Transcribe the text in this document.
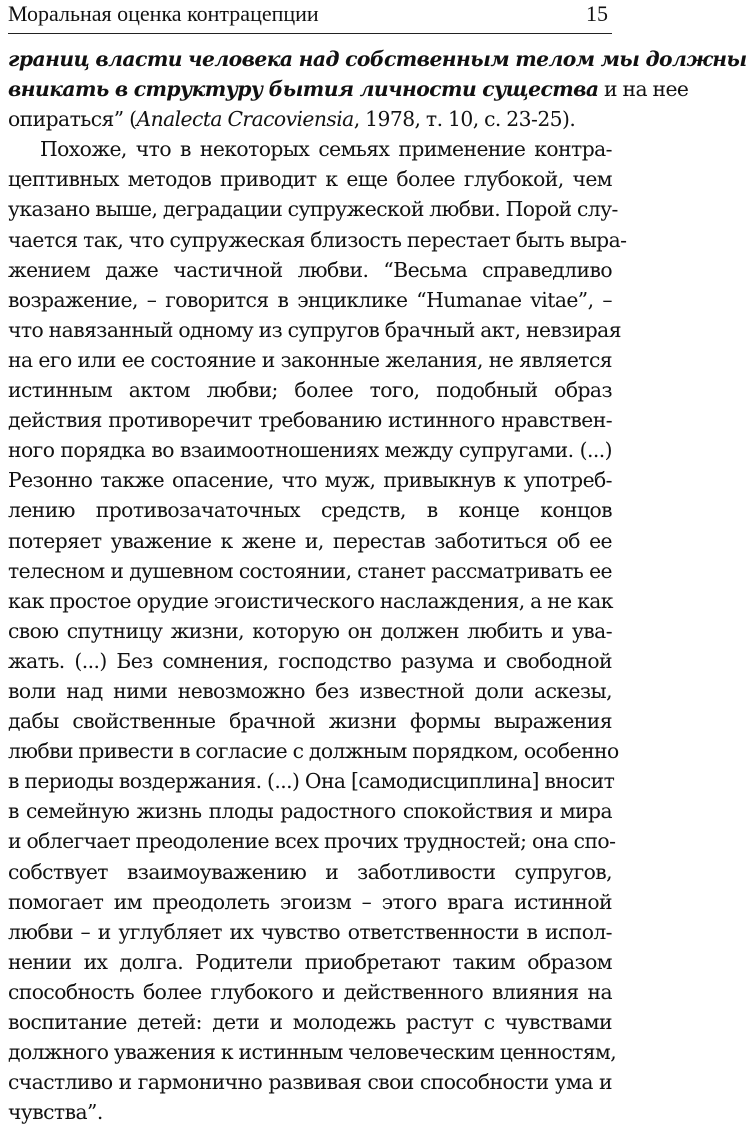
Моральная оценка контрацепции	15
границ власти человека над собственным телом мы должны
вникать в структуру бытия личности существа и на нее
опираться” (Analecta Cracoviensia, 1978, т. 10, с. 23-25).
Похоже, что в некоторых семьях применение контра-
цептивных методов приводит к еще более глубокой, чем
указано выше, деградации супружеской любви. Порой слу-
чается так, что супружеская близость перестает быть выра-
жением даже частичной любви. “Весьма справедливо
возражение, – говорится в энциклике “Humanae vitae”, –
что навязанный одному из супругов брачный акт, невзирая
на его или ее состояние и законные желания, не является
истинным актом любви; более того, подобный образ
действия противоречит требованию истинного нравствен-
ного порядка во взаимоотношениях между супругами. (...)
Резонно также опасение, что муж, привыкнув к употреб-
лению противозачаточных средств, в конце концов
потеряет уважение к жене и, перестав заботиться об ее
телесном и душевном состоянии, станет рассматривать ее
как простое орудие эгоистического наслаждения, а не как
свою спутницу жизни, которую он должен любить и ува-
жать. (...) Без сомнения, господство разума и свободной
воли над ними невозможно без известной доли аскезы,
дабы свойственные брачной жизни формы выражения
любви привести в согласие с должным порядком, особенно
в периоды воздержания. (...) Она [самодисциплина] вносит
в семейную жизнь плоды радостного спокойствия и мира
и облегчает преодоление всех прочих трудностей; она спо-
собствует взаимоуважению и заботливости супругов,
помогает им преодолеть эгоизм – этого врага истинной
любви – и углубляет их чувство ответственности в испол-
нении их долга. Родители приобретают таким образом
способность более глубокого и действенного влияния на
воспитание детей: дети и молодежь растут с чувствами
должного уважения к истинным человеческим ценностям,
счастливо и гармонично развивая свои способности ума и
чувства”.
